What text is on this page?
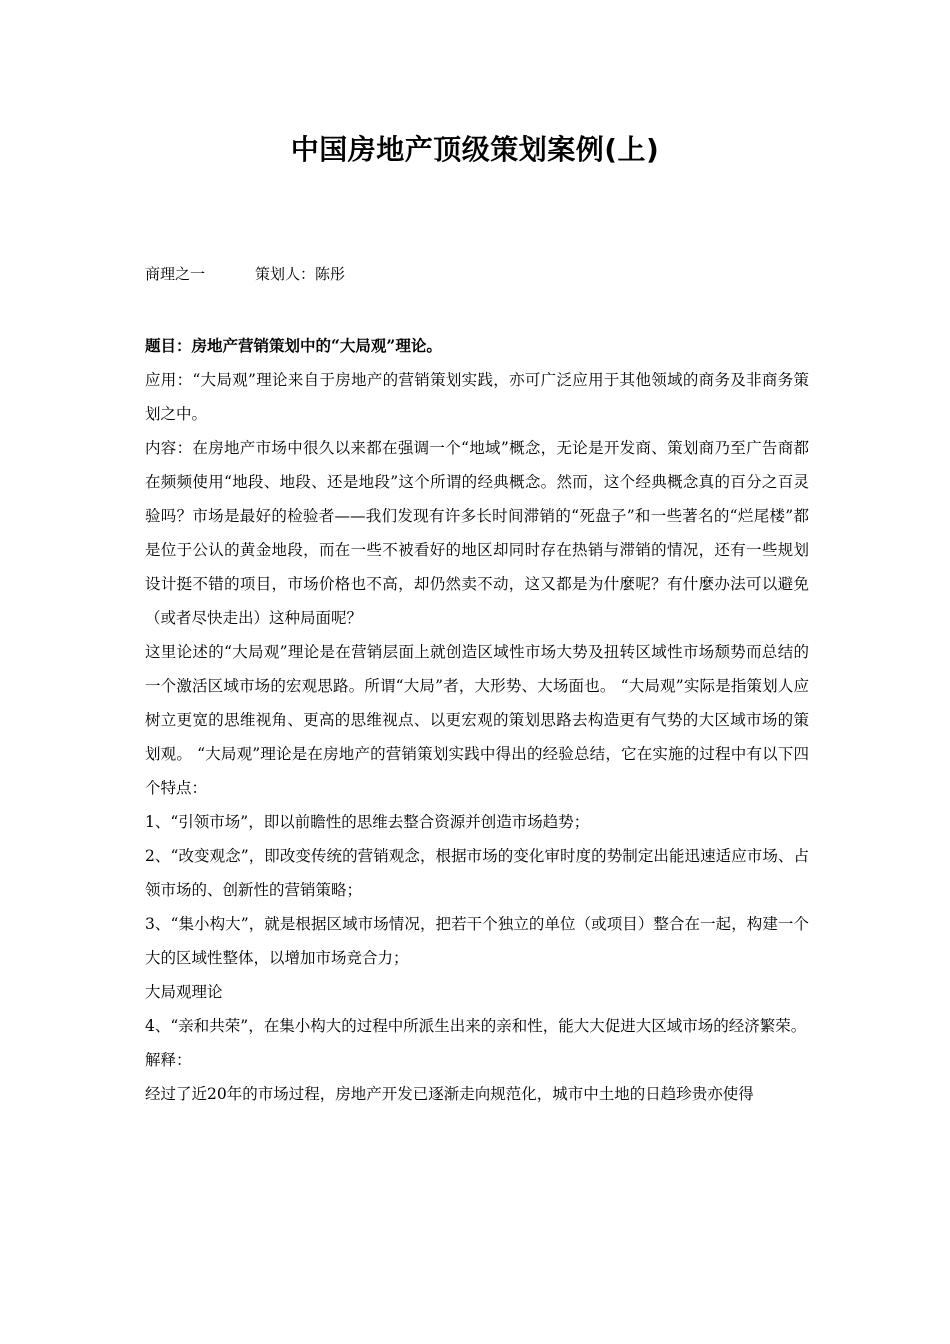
中国房地产顶级策划案例(上)
商理之一	策划人：陈彤

题目：房地产营销策划中的“大局观”理论。

应用：“大局观”理论来自于房地产的营销策划实践，亦可广泛应用于其他领域的商务及非商务策划之中。

内容：在房地产市场中很久以来都在强调一个“地域”概念，无论是开发商、策划商乃至广告商都在频频使用“地段、地段、还是地段”这个所谓的经典概念。然而，这个经典概念真的百分之百灵验吗？市场是最好的检验者——我们发现有许多长时间滞销的“死盘子”和一些著名的“烂尾楼”都是位于公认的黄金地段，而在一些不被看好的地区却同时存在热销与滞销的情况，还有一些规划设计挺不错的项目，市场价格也不高，却仍然卖不动，这又都是为什麼呢？有什麼办法可以避免（或者尽快走出）这种局面呢？

这里论述的“大局观”理论是在营销层面上就创造区域性市场大势及扭转区域性市场颓势而总结的一个激活区域市场的宏观思路。所谓“大局”者，大形势、大场面也。 “大局观”实际是指策划人应树立更宽的思维视角、更高的思维视点、以更宏观的策划思路去构造更有气势的大区域市场的策划观。 “大局观”理论是在房地产的营销策划实践中得出的经验总结，它在实施的过程中有以下四个特点：

1、“引领市场”，即以前瞻性的思维去整合资源并创造市场趋势；

2、“改变观念”，即改变传统的营销观念，根据市场的变化审时度的势制定出能迅速适应市场、占领市场的、创新性的营销策略；

3、“集小构大”，就是根据区域市场情况，把若干个独立的单位（或项目）整合在一起，构建一个大的区域性整体，以增加市场竞合力；

大局观理论

4、“亲和共荣”，在集小构大的过程中所派生出来的亲和性，能大大促进大区域市场的经济繁荣。

解释：

经过了近20年的市场过程，房地产开发已逐渐走向规范化，城市中土地的日趋珍贵亦使得
